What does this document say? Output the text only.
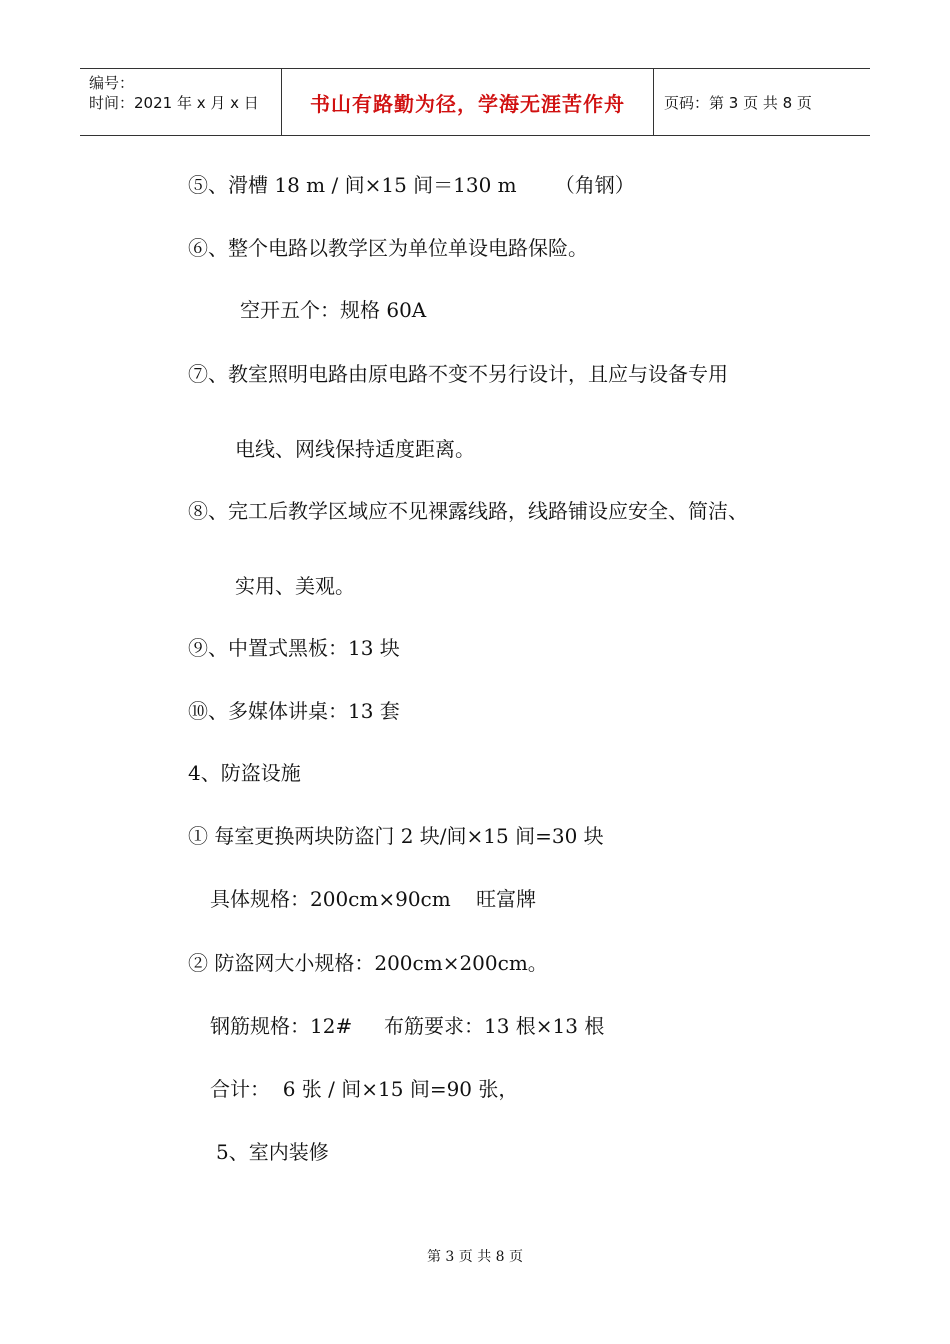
编号：
时间：2021 年 x 月 x 日	书山有路勤为径，学海无涯苦作舟	页码：第 3 页 共 8 页
⑤、滑槽 18 m / 间×15 间＝130 m      （角钢）
⑥、整个电路以教学区为单位单设电路保险。
空开五个：规格 60A
⑦、教室照明电路由原电路不变不另行设计，且应与设备专用
电线、网线保持适度距离。
⑧、完工后教学区域应不见裸露线路，线路铺设应安全、简洁、
实用、美观。
⑨、中置式黑板：13 块
⑩、多媒体讲桌：13 套
4、防盗设施
① 每室更换两块防盗门 2 块/间×15 间=30 块
具体规格：200cm×90cm    旺富牌
② 防盗网大小规格：200cm×200cm。
钢筋规格：12#     布筋要求：13 根×13 根
合计：  6 张 / 间×15 间=90 张，
5、室内装修
第 3 页 共 8 页
